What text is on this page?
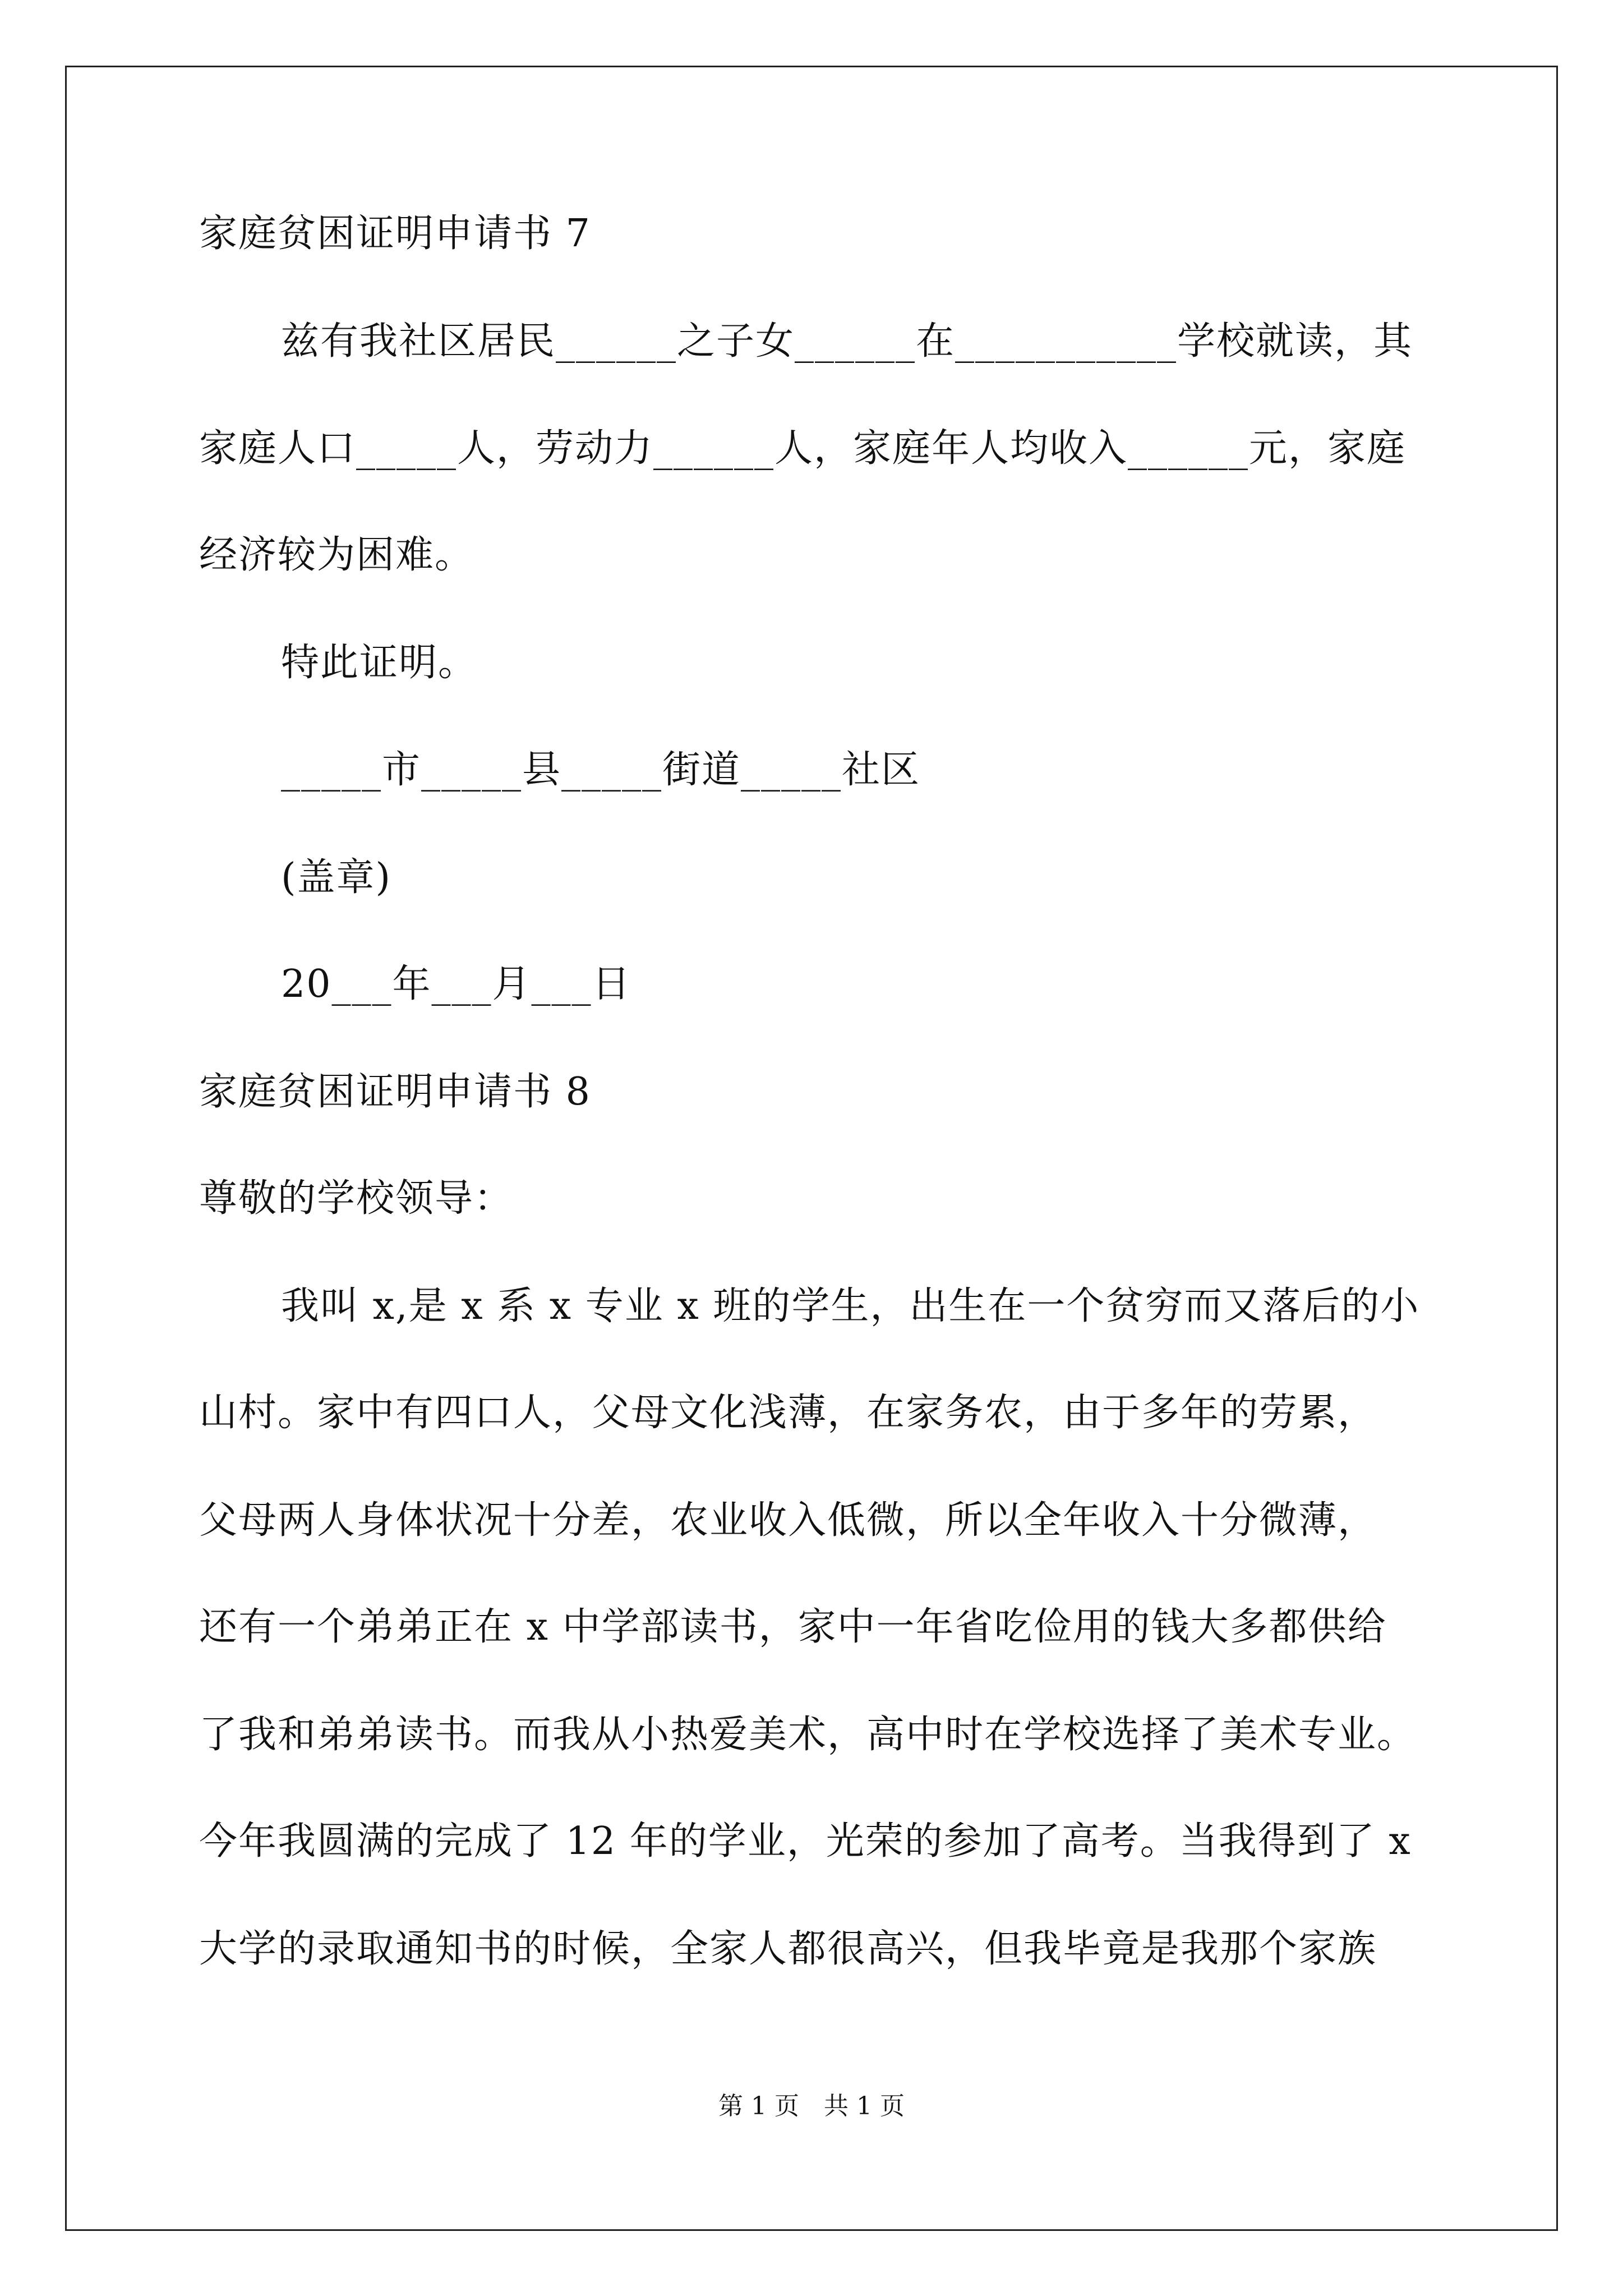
家庭贫困证明申请书 7
兹有我社区居民______之子女______在___________学校就读，其
家庭人口_____人，劳动力______人，家庭年人均收入______元，家庭
经济较为困难。
特此证明。
_____市_____县_____街道_____社区
(盖章)
20___年___月___日
家庭贫困证明申请书 8
尊敬的学校领导：
我叫 x,是 x 系 x 专业 x 班的学生，出生在一个贫穷而又落后的小
山村。家中有四口人，父母文化浅薄，在家务农，由于多年的劳累，
父母两人身体状况十分差，农业收入低微，所以全年收入十分微薄，
还有一个弟弟正在 x 中学部读书，家中一年省吃俭用的钱大多都供给
了我和弟弟读书。而我从小热爱美术，高中时在学校选择了美术专业。
今年我圆满的完成了 12 年的学业，光荣的参加了高考。当我得到了 x
大学的录取通知书的时候，全家人都很高兴，但我毕竟是我那个家族
第 1 页　共 1 页
